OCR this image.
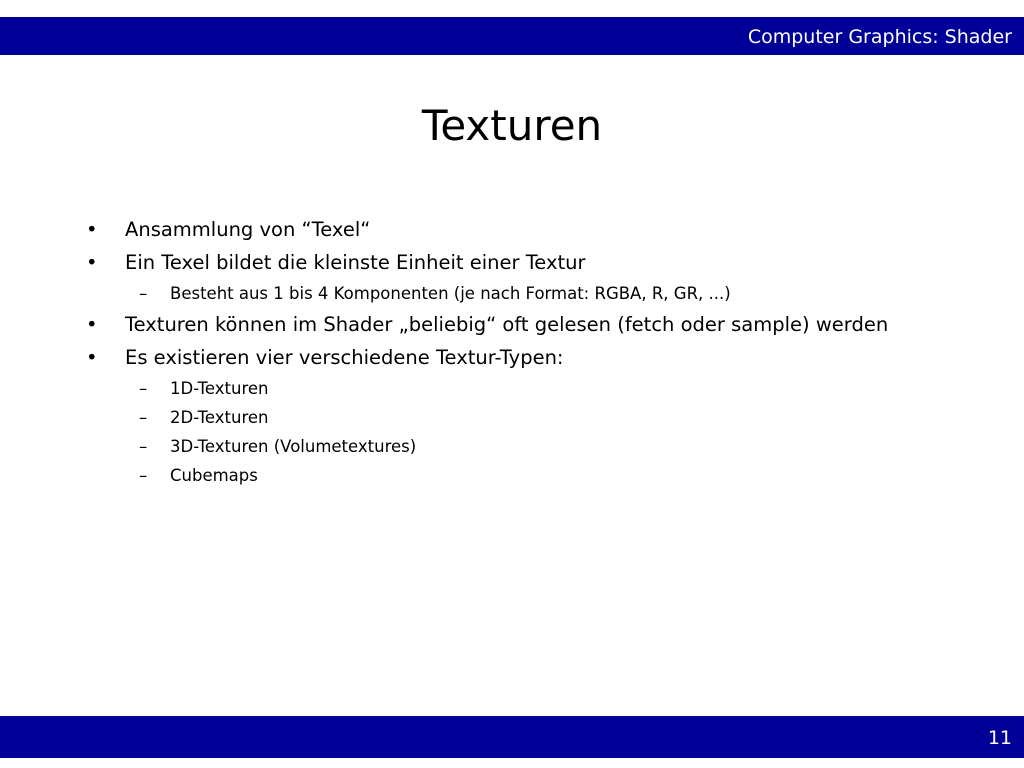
Computer Graphics: Shader
Texturen
• Ansammlung von “Texel“
• Ein Texel bildet die kleinste Einheit einer Textur
– Besteht aus 1 bis 4 Komponenten (je nach Format: RGBA, R, GR, ...)
• Texturen können im Shader „beliebig“ oft gelesen (fetch oder sample) werden
• Es existieren vier verschiedene Textur-Typen:
– 1D-Texturen
– 2D-Texturen
– 3D-Texturen (Volumetextures)
– Cubemaps
11
